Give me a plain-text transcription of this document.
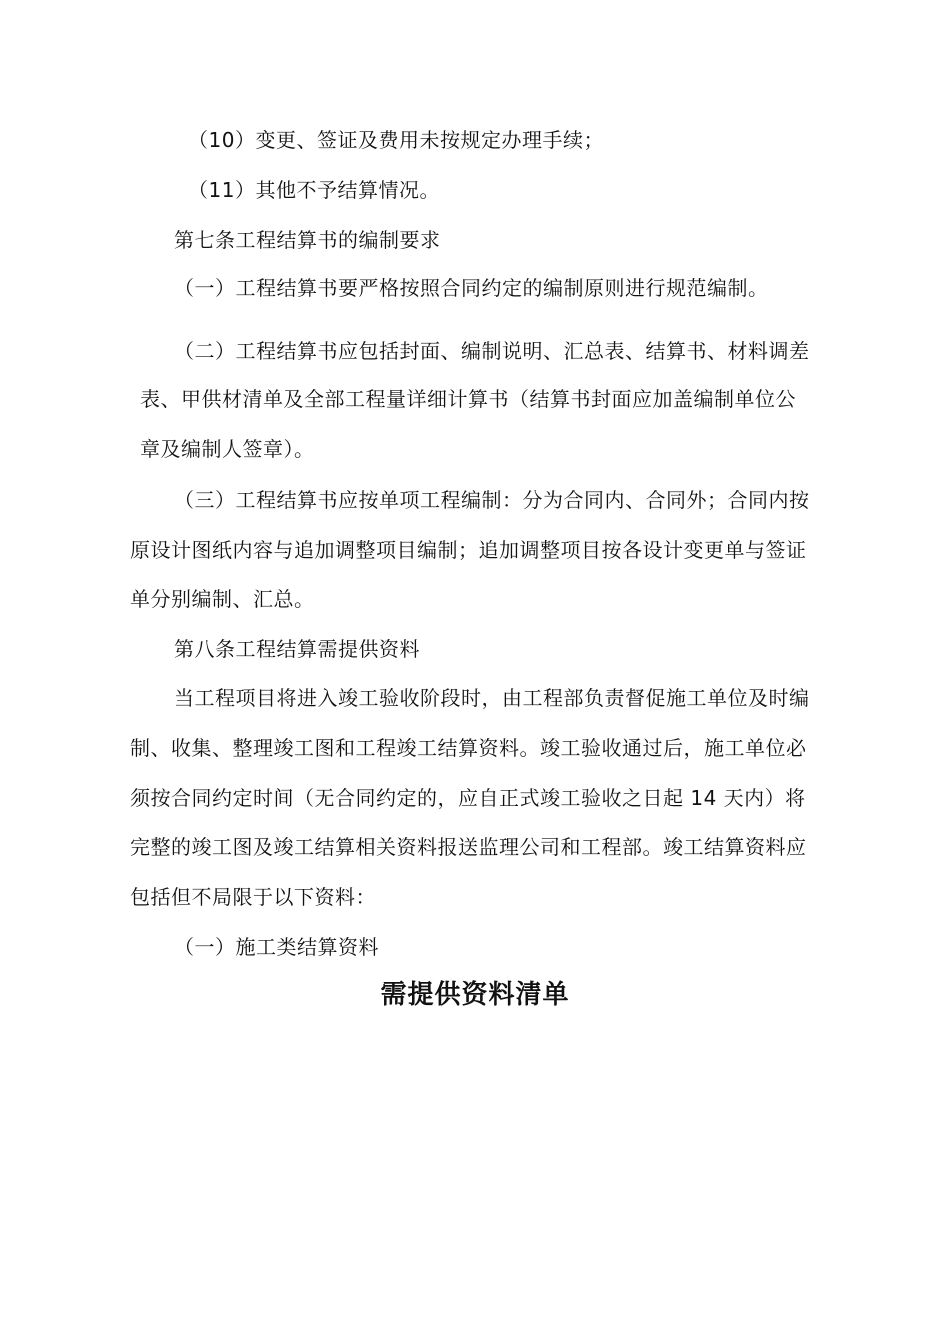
（10）变更、签证及费用未按规定办理手续；
（11）其他不予结算情况。
第七条工程结算书的编制要求
（一）工程结算书要严格按照合同约定的编制原则进行规范编制。
（二）工程结算书应包括封面、编制说明、汇总表、结算书、材料调差
表、甲供材清单及全部工程量详细计算书（结算书封面应加盖编制单位公
章及编制人签章）。
（三）工程结算书应按单项工程编制：分为合同内、合同外；合同内按
原设计图纸内容与追加调整项目编制；追加调整项目按各设计变更单与签证
单分别编制、汇总。
第八条工程结算需提供资料
当工程项目将进入竣工验收阶段时，由工程部负责督促施工单位及时编
制、收集、整理竣工图和工程竣工结算资料。竣工验收通过后，施工单位必
须按合同约定时间（无合同约定的，应自正式竣工验收之日起 14 天内）将
完整的竣工图及竣工结算相关资料报送监理公司和工程部。竣工结算资料应
包括但不局限于以下资料：
（一）施工类结算资料
需提供资料清单
